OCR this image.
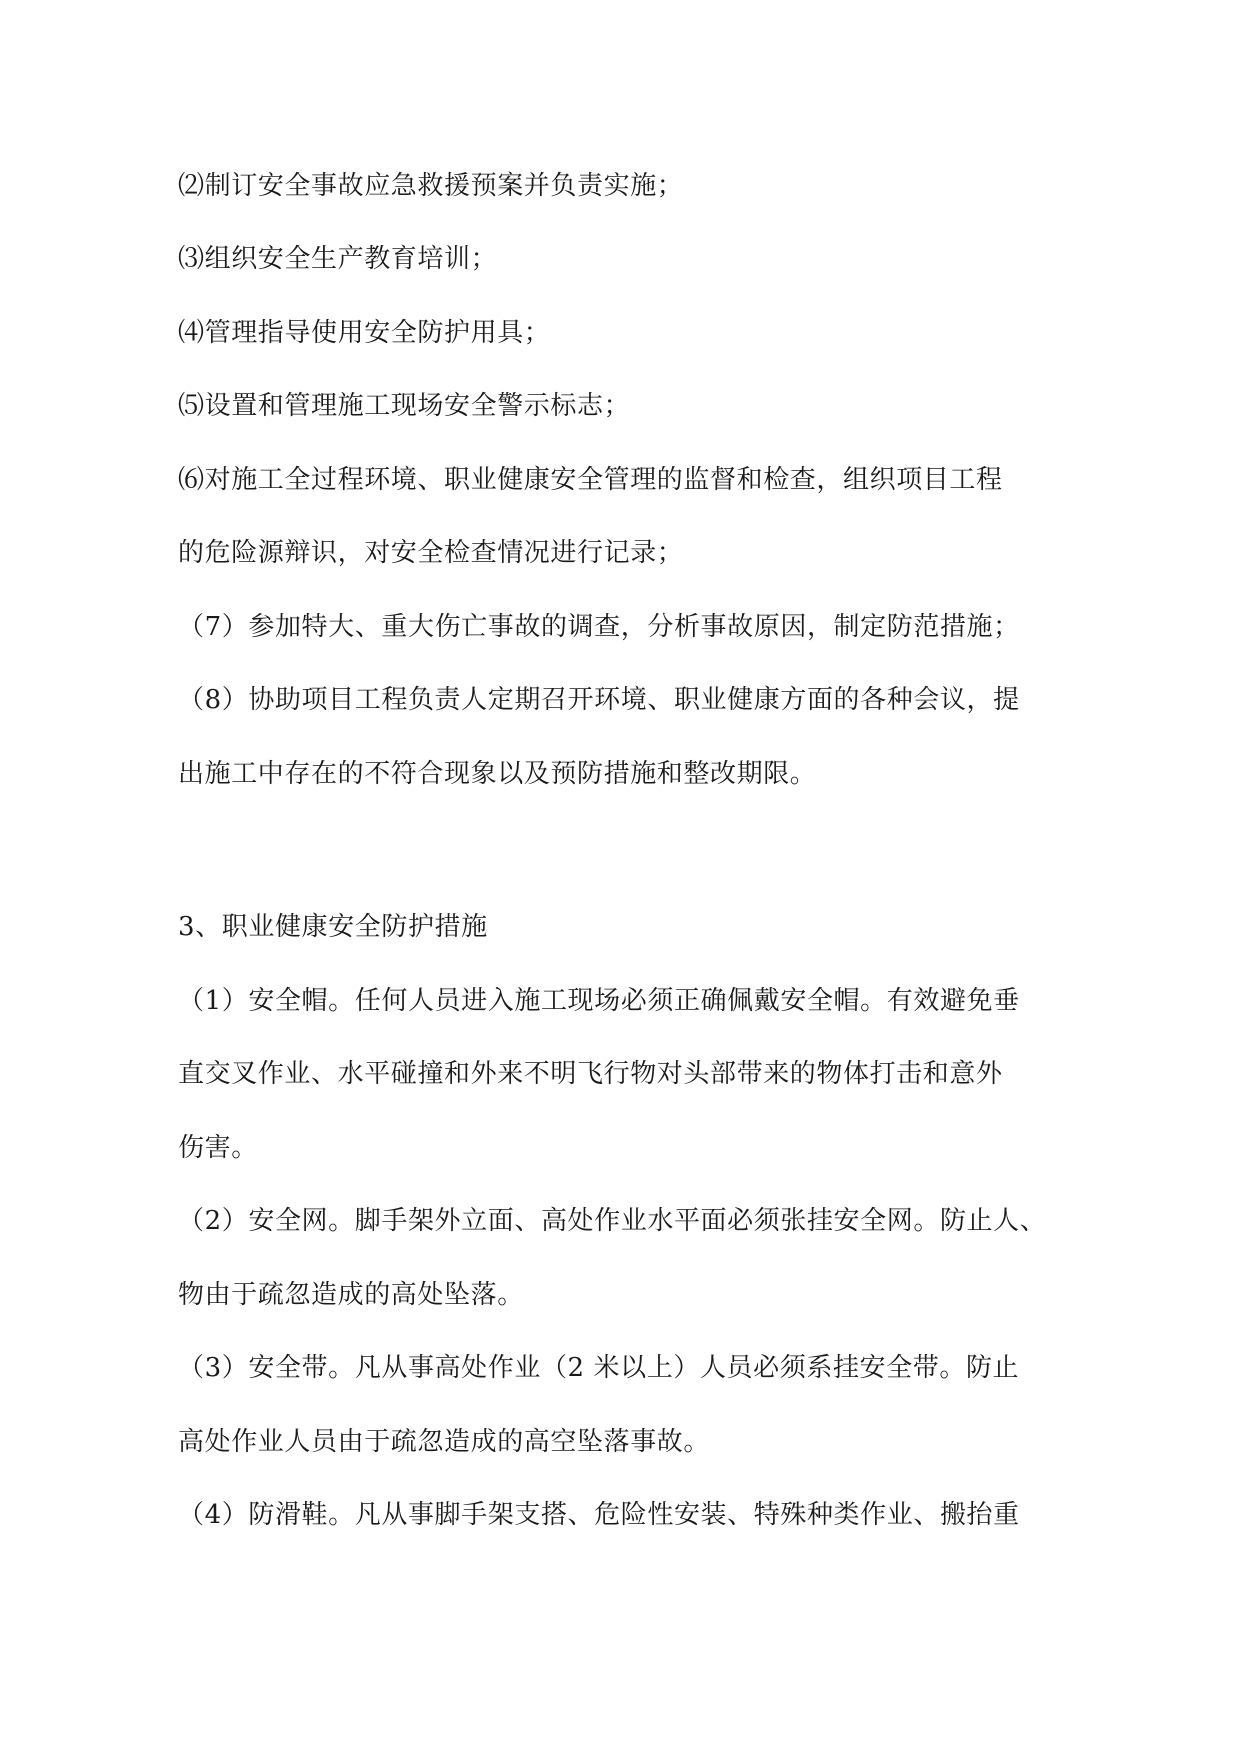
⑵制订安全事故应急救援预案并负责实施；
⑶组织安全生产教育培训；
⑷管理指导使用安全防护用具；
⑸设置和管理施工现场安全警示标志；
⑹对施工全过程环境、职业健康安全管理的监督和检查，组织项目工程
的危险源辩识，对安全检查情况进行记录；
（7）参加特大、重大伤亡事故的调查，分析事故原因，制定防范措施；
（8）协助项目工程负责人定期召开环境、职业健康方面的各种会议，提
出施工中存在的不符合现象以及预防措施和整改期限。
3、职业健康安全防护措施
（1）安全帽。任何人员进入施工现场必须正确佩戴安全帽。有效避免垂
直交叉作业、水平碰撞和外来不明飞行物对头部带来的物体打击和意外
伤害。
（2）安全网。脚手架外立面、高处作业水平面必须张挂安全网。防止人、
物由于疏忽造成的高处坠落。
（3）安全带。凡从事高处作业（2 米以上）人员必须系挂安全带。防止
高处作业人员由于疏忽造成的高空坠落事故。
（4）防滑鞋。凡从事脚手架支搭、危险性安装、特殊种类作业、搬抬重
